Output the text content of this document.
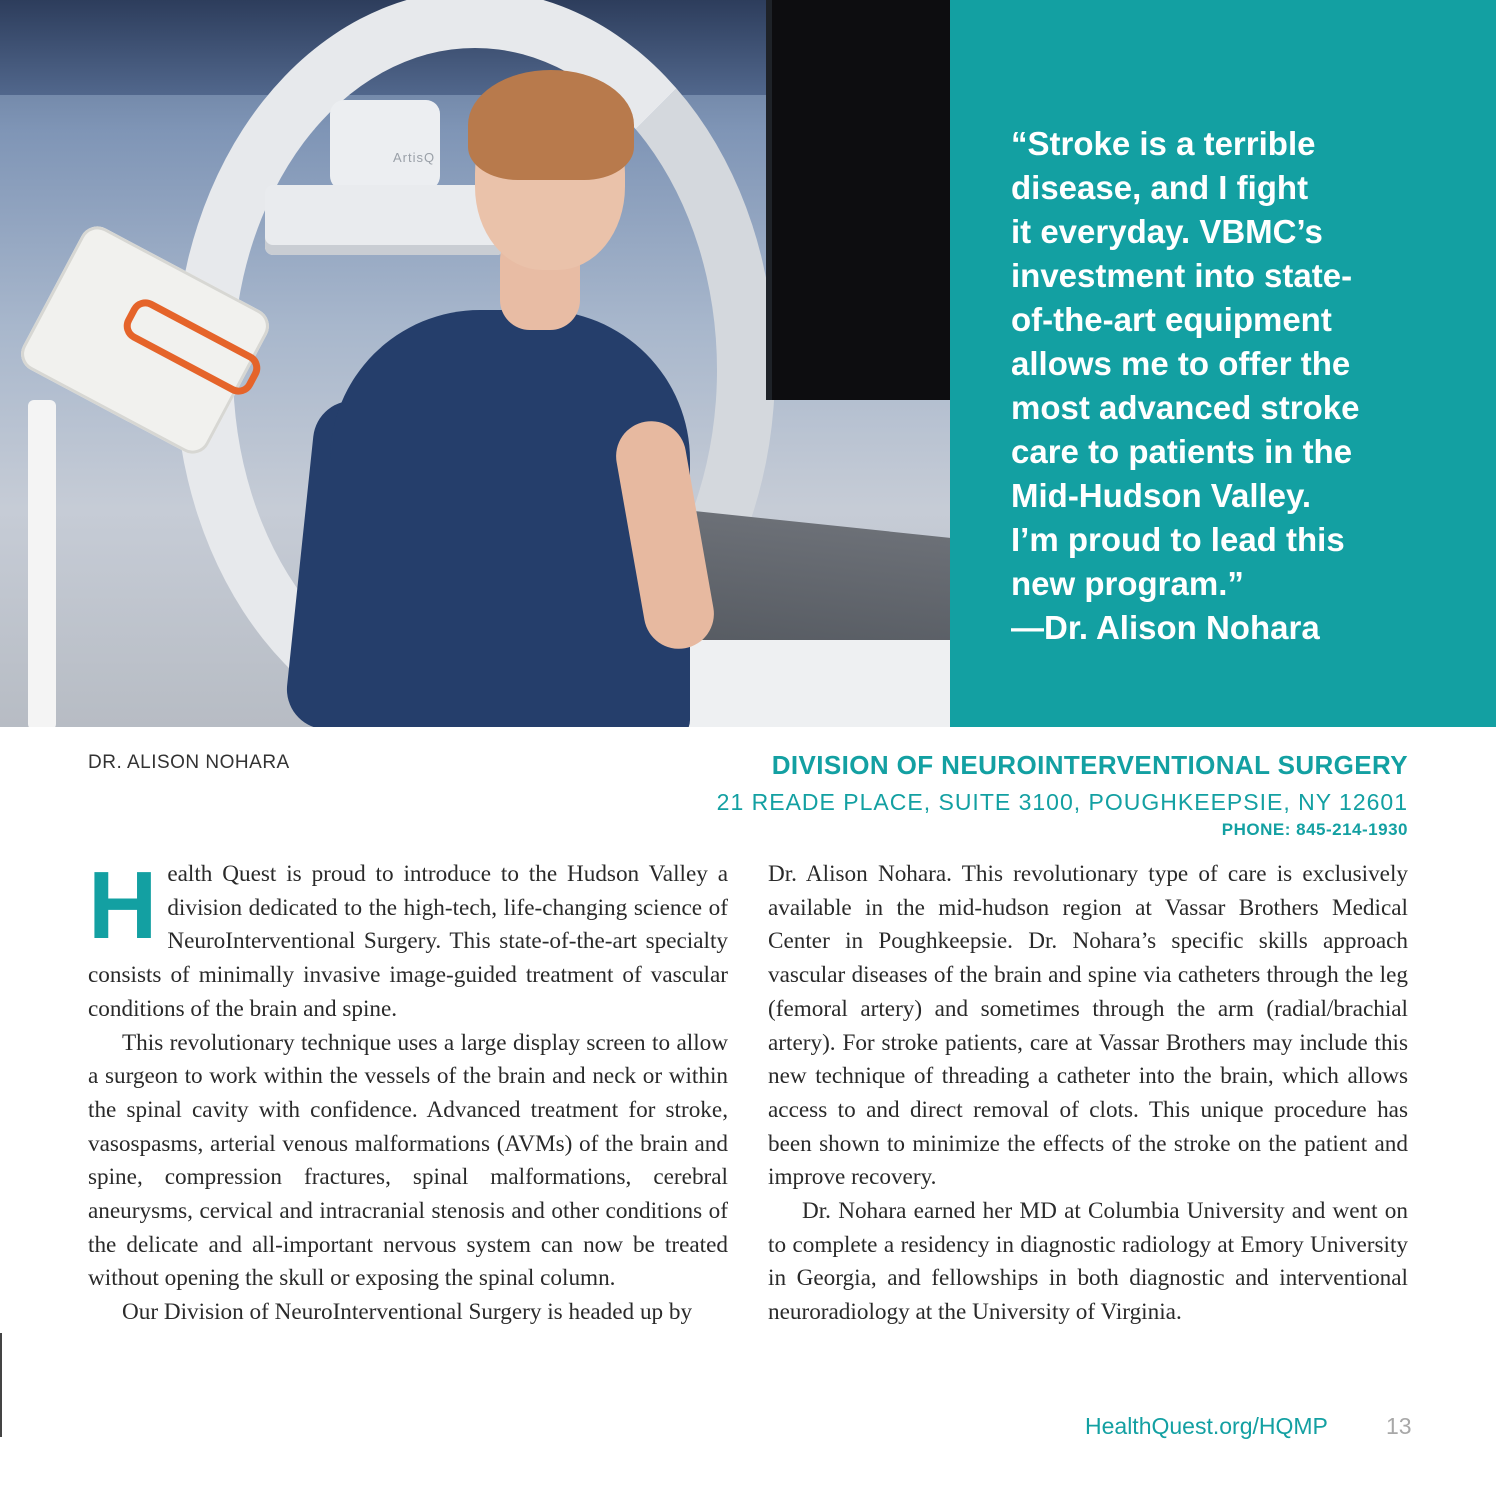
ArtisQ	“Stroke is a terrible
disease, and I fight
it everyday. VBMC’s
investment into state-
of-the-art equipment
allows me to offer the
most advanced stroke
care to patients in the
Mid-Hudson Valley.
I’m proud to lead this
new program.”
—Dr. Alison Nohara
DR. ALISON NOHARA	DIVISION OF NEUROINTERVENTIONAL SURGERY
21 READE PLACE, SUITE 3100, POUGHKEEPSIE, NY 12601
PHONE: 845-214-1930

Health Quest is proud to introduce to the Hudson Valley a division dedicated to the high-tech, life-changing science of NeuroInterventional Surgery. This state-of-the-art specialty consists of minimally invasive image-guided treatment of vascular conditions of the brain and spine.

This revolutionary technique uses a large display screen to allow a surgeon to work within the vessels of the brain and neck or within the spinal cavity with confidence. Advanced treatment for stroke, vasospasms, arterial venous malformations (AVMs) of the brain and spine, compression fractures, spinal malformations, cerebral aneurysms, cervical and intracranial stenosis and other conditions of the delicate and all-important nervous system can now be treated without opening the skull or exposing the spinal column.

Our Division of NeuroInterventional Surgery is headed up by

Dr. Alison Nohara. This revolutionary type of care is exclusively available in the mid-hudson region at Vassar Brothers Medical Center in Poughkeepsie. Dr. Nohara’s specific skills approach vascular diseases of the brain and spine via catheters through the leg (femoral artery) and sometimes through the arm (radial/brachial artery). For stroke patients, care at Vassar Brothers may include this new technique of threading a catheter into the brain, which allows access to and direct removal of clots. This unique procedure has been shown to minimize the effects of the stroke on the patient and improve recovery.

Dr. Nohara earned her MD at Columbia University and went on to complete a residency in diagnostic radiology at Emory University in Georgia, and fellowships in both diagnostic and interventional neuroradiology at the University of Virginia.

HealthQuest.org/HQMP	13
